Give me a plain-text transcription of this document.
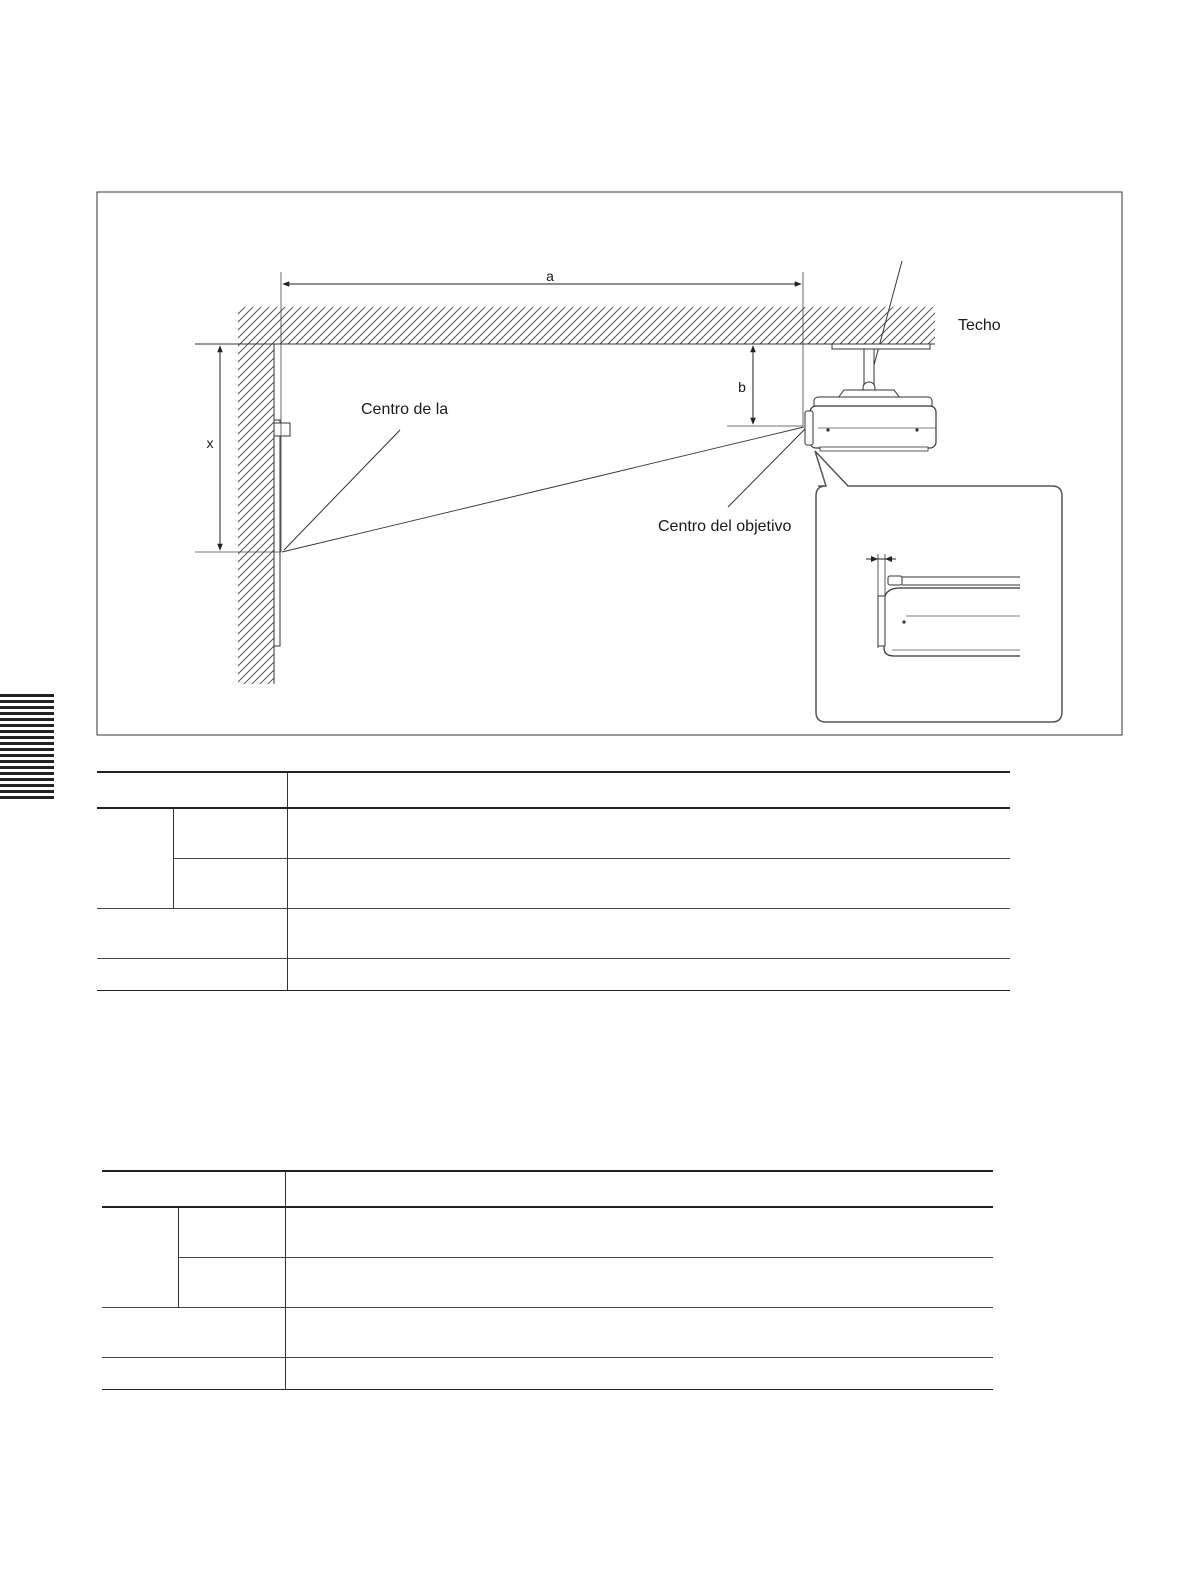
a
x
b
Techo
Centro de la
Centro del objetivo
